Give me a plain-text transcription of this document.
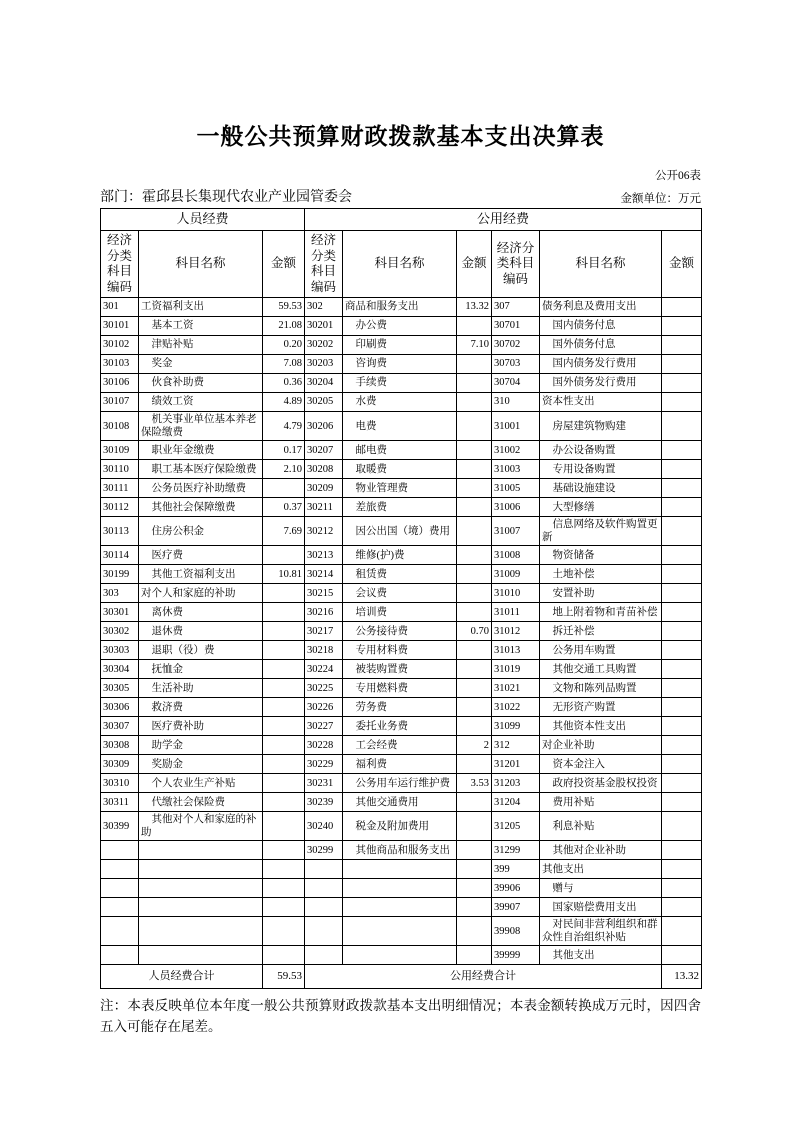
一般公共预算财政拨款基本支出决算表
公开06表
部门：霍邱县长集现代农业产业园管委会	金额单位：万元
人员经费			公用经费					
经济分类科目编码	科目名称	金额	经济分类科目编码	科目名称	金额	经济分类科目编码	科目名称	金额
301	工资福利支出	59.53	302	商品和服务支出	13.32	307	债务利息及费用支出	
30101	基本工资	21.08	30201	办公费		30701	国内债务付息	
30102	津贴补贴	0.20	30202	印刷费	7.10	30702	国外债务付息	
30103	奖金	7.08	30203	咨询费		30703	国内债务发行费用	
30106	伙食补助费	0.36	30204	手续费		30704	国外债务发行费用	
30107	绩效工资	4.89	30205	水费		310	资本性支出	
30108	机关事业单位基本养老保险缴费	4.79	30206	电费		31001	房屋建筑物购建	
30109	职业年金缴费	0.17	30207	邮电费		31002	办公设备购置	
30110	职工基本医疗保险缴费	2.10	30208	取暖费		31003	专用设备购置	
30111	公务员医疗补助缴费		30209	物业管理费		31005	基础设施建设	
30112	其他社会保障缴费	0.37	30211	差旅费		31006	大型修缮	
30113	住房公积金	7.69	30212	因公出国（境）费用		31007	信息网络及软件购置更新	
30114	医疗费		30213	维修(护)费		31008	物资储备	
30199	其他工资福利支出	10.81	30214	租赁费		31009	土地补偿	
303	对个人和家庭的补助		30215	会议费		31010	安置补助	
30301	离休费		30216	培训费		31011	地上附着物和青苗补偿	
30302	退休费		30217	公务接待费	0.70	31012	拆迁补偿	
30303	退职（役）费		30218	专用材料费		31013	公务用车购置	
30304	抚恤金		30224	被装购置费		31019	其他交通工具购置	
30305	生活补助		30225	专用燃料费		31021	文物和陈列品购置	
30306	救济费		30226	劳务费		31022	无形资产购置	
30307	医疗费补助		30227	委托业务费		31099	其他资本性支出	
30308	助学金		30228	工会经费	2	312	对企业补助	
30309	奖励金		30229	福利费		31201	资本金注入	
30310	个人农业生产补贴		30231	公务用车运行维护费	3.53	31203	政府投资基金股权投资	
30311	代缴社会保险费		30239	其他交通费用		31204	费用补贴	
30399	其他对个人和家庭的补助		30240	税金及附加费用		31205	利息补贴	
			30299	其他商品和服务支出		31299	其他对企业补助	
						399	其他支出	
						39906	赠与	
						39907	国家赔偿费用支出	
						39908	对民间非营利组织和群众性自治组织补贴	
						39999	其他支出	
人员经费合计		59.53	公用经费合计					13.32
注：本表反映单位本年度一般公共预算财政拨款基本支出明细情况；本表金额转换成万元时，因四舍五入可能存在尾差。
